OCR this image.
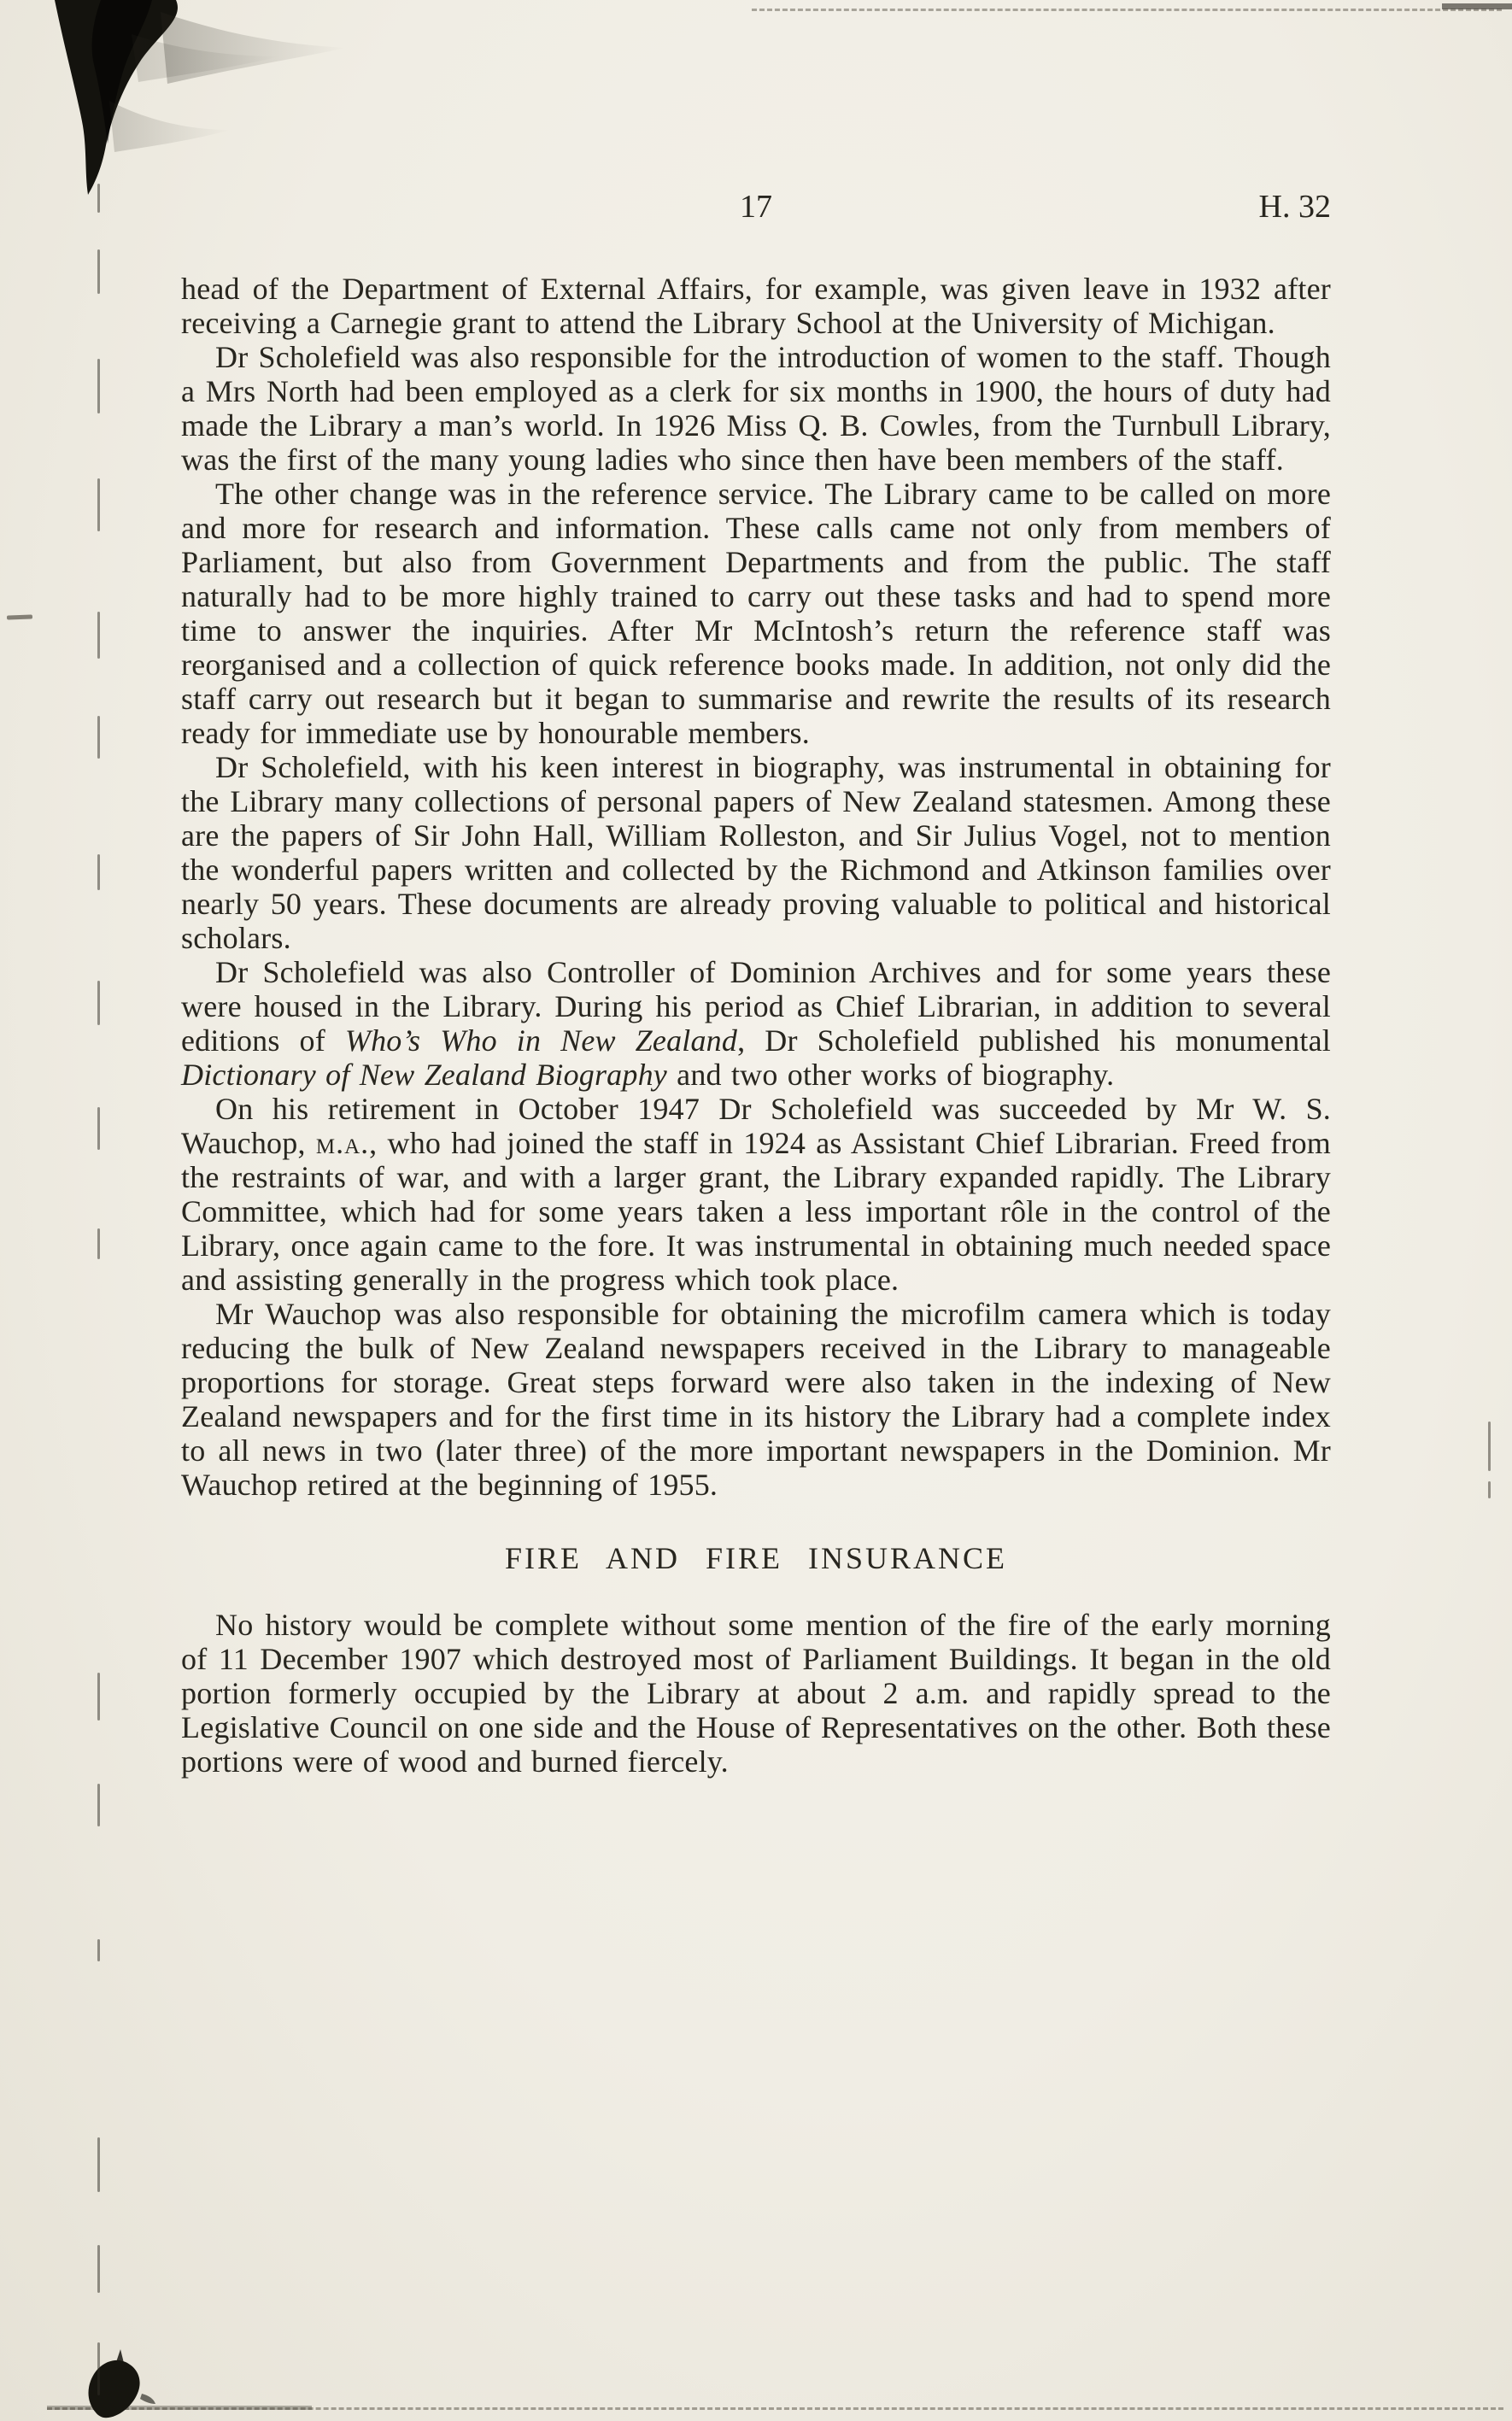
17	H. 32

head of the Department of External Affairs, for example, was given leave in 1932 after receiving a Carnegie grant to attend the Library School at the University of Michigan.

Dr Scholefield was also responsible for the introduction of women to the staff. Though a Mrs North had been employed as a clerk for six months in 1900, the hours of duty had made the Library a man’s world. In 1926 Miss Q. B. Cowles, from the Turnbull Library, was the first of the many young ladies who since then have been members of the staff.

The other change was in the reference service. The Library came to be called on more and more for research and information. These calls came not only from members of Parliament, but also from Government Departments and from the public. The staff naturally had to be more highly trained to carry out these tasks and had to spend more time to answer the inquiries. After Mr McIntosh’s return the reference staff was reorganised and a collection of quick reference books made. In addition, not only did the staff carry out research but it began to summarise and rewrite the results of its research ready for immediate use by honourable members.

Dr Scholefield, with his keen interest in biography, was instrumental in obtaining for the Library many collections of personal papers of New Zealand statesmen. Among these are the papers of Sir John Hall, William Rolleston, and Sir Julius Vogel, not to mention the wonderful papers written and collected by the Richmond and Atkinson families over nearly 50 years. These documents are already proving valuable to political and historical scholars.

Dr Scholefield was also Controller of Dominion Archives and for some years these were housed in the Library. During his period as Chief Librarian, in addition to several editions of Who’s Who in New Zealand, Dr Scholefield published his monumental Dictionary of New Zealand Biography and two other works of biography.

On his retirement in October 1947 Dr Scholefield was succeeded by Mr W. S. Wauchop, m.a., who had joined the staff in 1924 as Assistant Chief Librarian. Freed from the restraints of war, and with a larger grant, the Library expanded rapidly. The Library Committee, which had for some years taken a less important rôle in the control of the Library, once again came to the fore. It was instrumental in obtaining much needed space and assisting generally in the progress which took place.

Mr Wauchop was also responsible for obtaining the microfilm camera which is today reducing the bulk of New Zealand newspapers received in the Library to manageable proportions for storage. Great steps forward were also taken in the indexing of New Zealand newspapers and for the first time in its history the Library had a complete index to all news in two (later three) of the more important newspapers in the Dominion. Mr Wauchop retired at the beginning of 1955.

FIRE AND FIRE INSURANCE

No history would be complete without some mention of the fire of the early morning of 11 December 1907 which destroyed most of Parliament Buildings. It began in the old portion formerly occupied by the Library at about 2 a.m. and rapidly spread to the Legislative Council on one side and the House of Representatives on the other. Both these portions were of wood and burned fiercely.
